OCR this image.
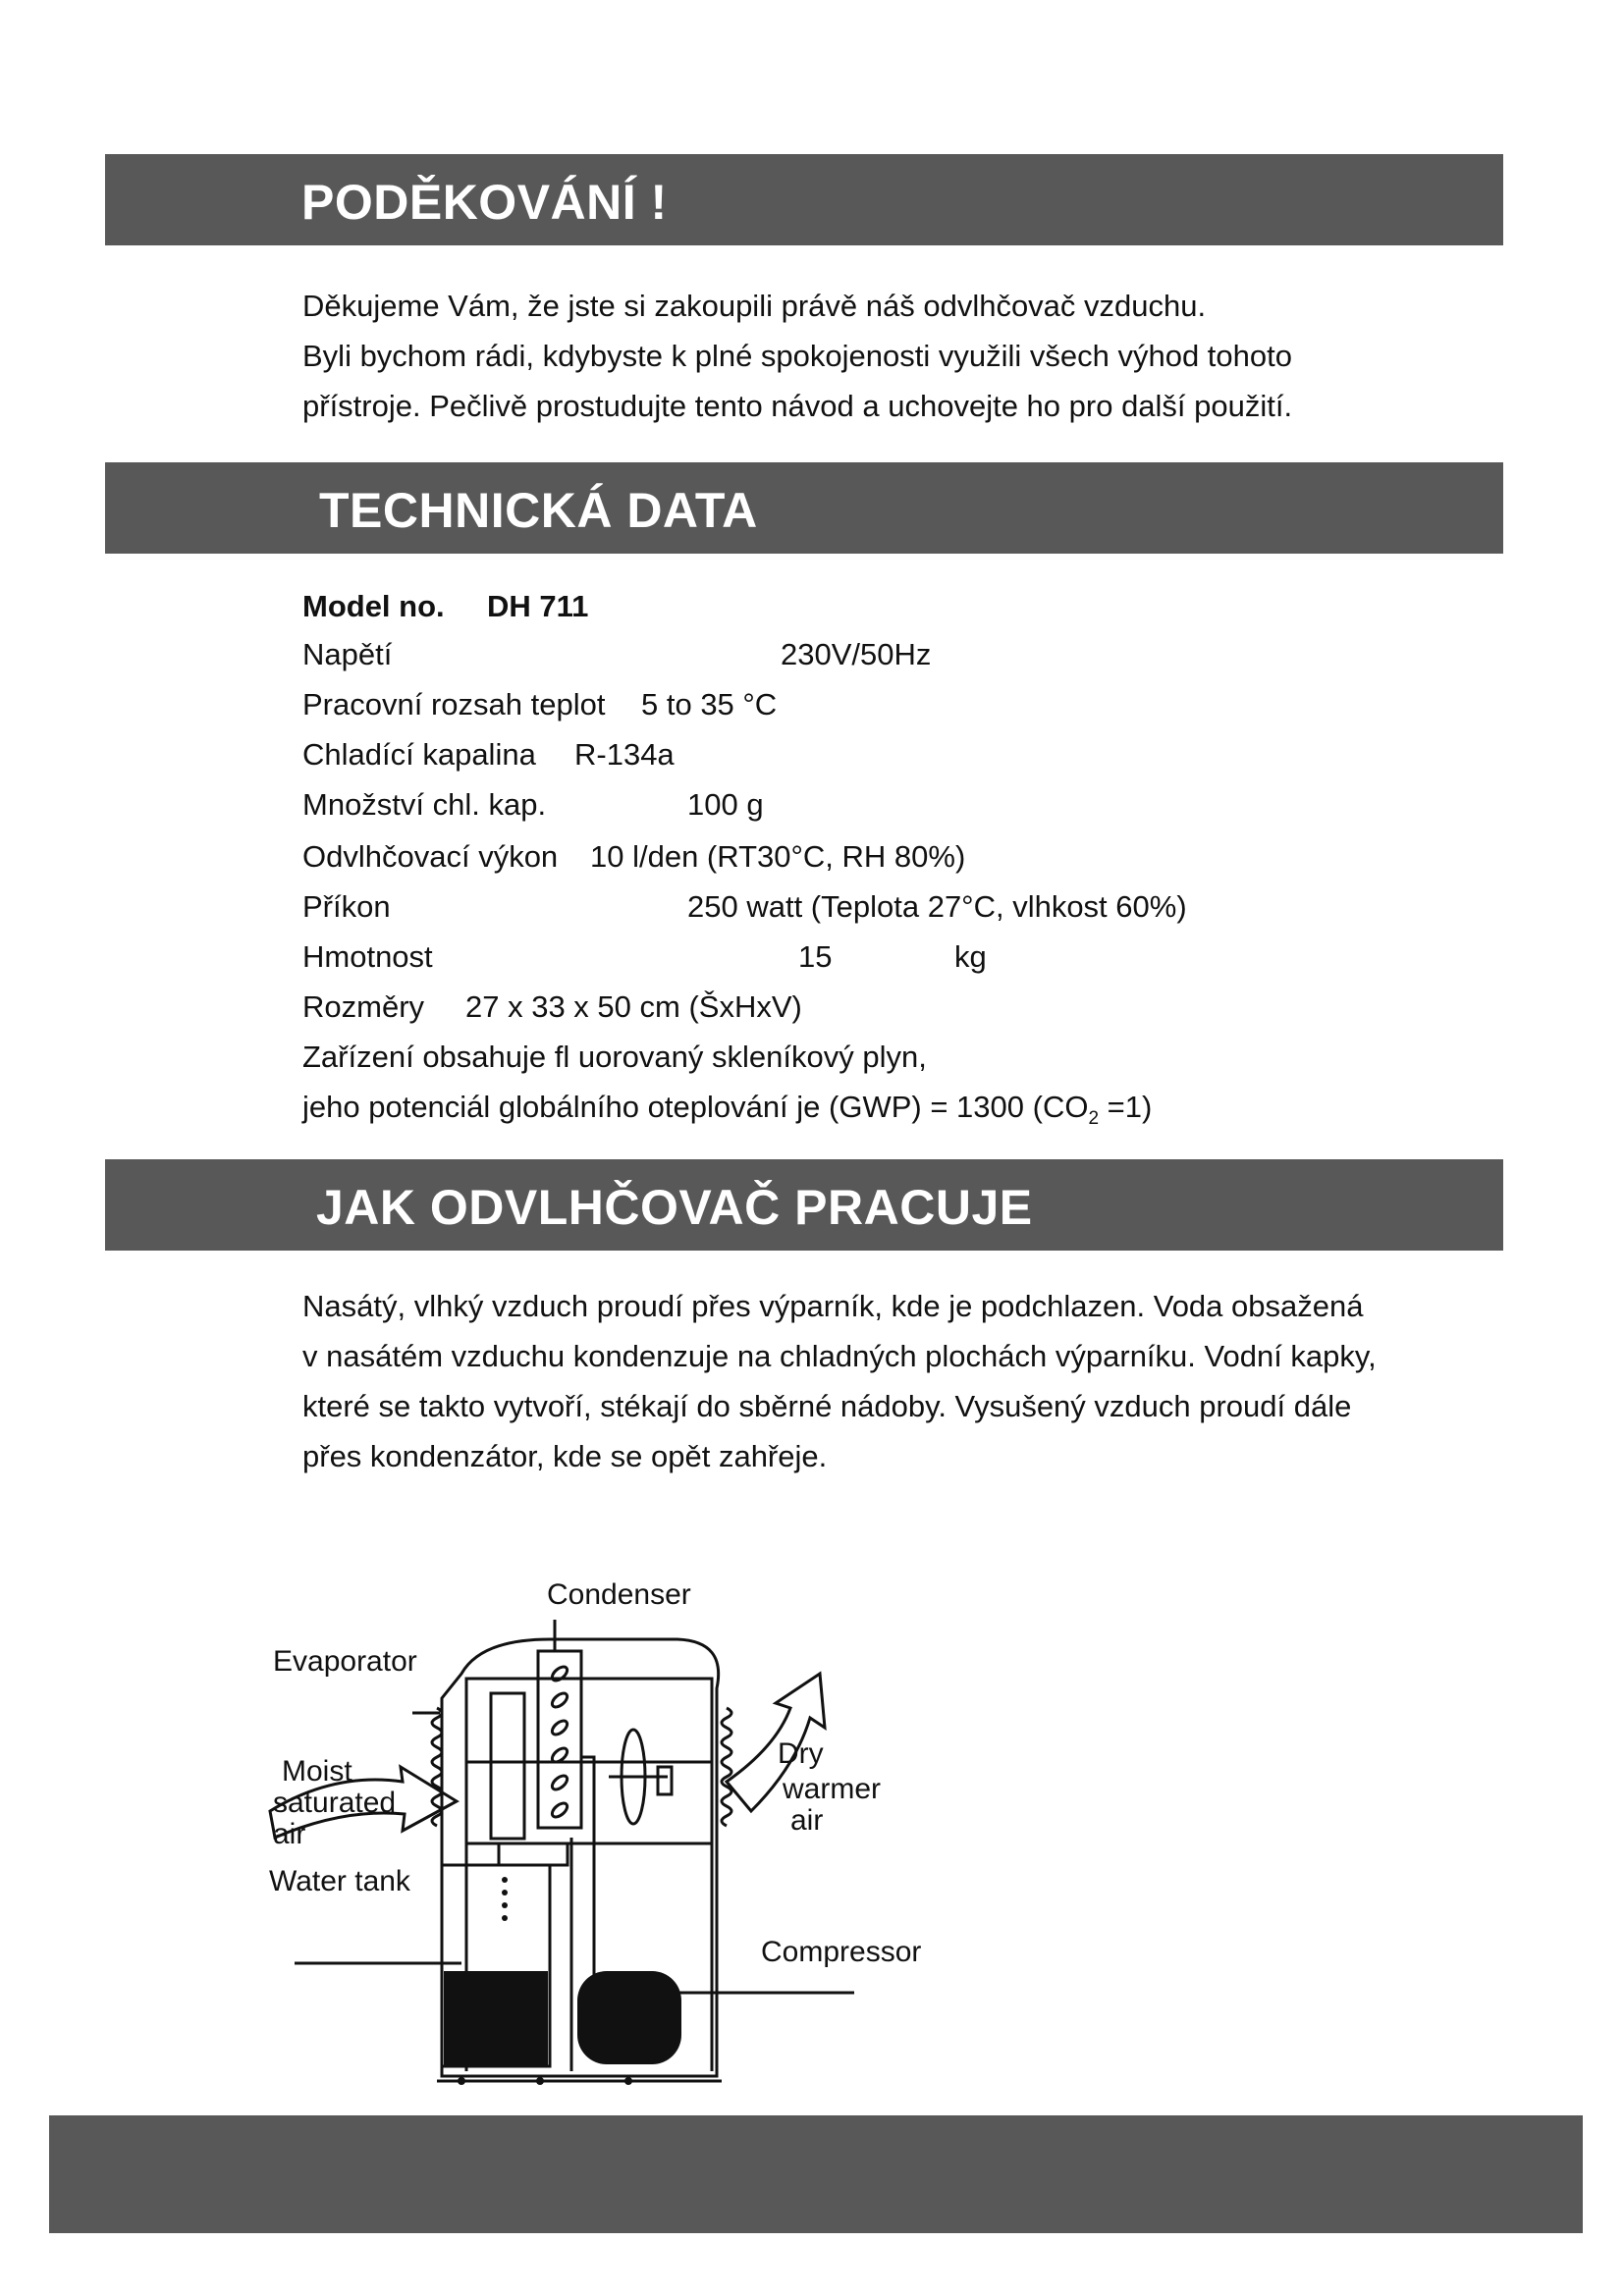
PODĚKOVÁNÍ !

Děkujeme Vám, že jste si zakoupili právě náš odvlhčovač vzduchu.

Byli bychom rádi, kdybyste k plné spokojenosti využili všech výhod tohoto

přístroje. Pečlivě prostudujte tento návod a uchovejte ho pro další použití.

TECHNICKÁ DATA
Model no. DH 711
Napětí	230V/50Hz
Pracovní rozsah teplot 5 to 35 °C
Chladící kapalina R-134a
Množství chl. kap.	100 g
Odvlhčovací výkon 10 l/den (RT30°C, RH 80%)
Příkon	250 watt (Teplota 27°C, vlhkost 60%)
Hmotnost	15	kg
Rozměry 27 x 33 x 50 cm (ŠxHxV)
Zařízení obsahuje fl uorovaný skleníkový plyn,
jeho potenciál globálního oteplování je (GWP) = 1300 $(CO_2 =1)$
JAK ODVLHČOVAČ PRACUJE

Nasátý, vlhký vzduch proudí přes výparník, kde je podchlazen. Voda obsažená

v nasátém vzduchu kondenzuje na chladných plochách výparníku. Vodní kapky,

které se takto vytvoří, stékají do sběrné nádoby. Vysušený vzduch proudí dále

přes kondenzátor, kde se opět zahřeje.

Condenser
Evaporator
Moist
saturated
air
Water tank
Dry
warmer
air
Compressor
